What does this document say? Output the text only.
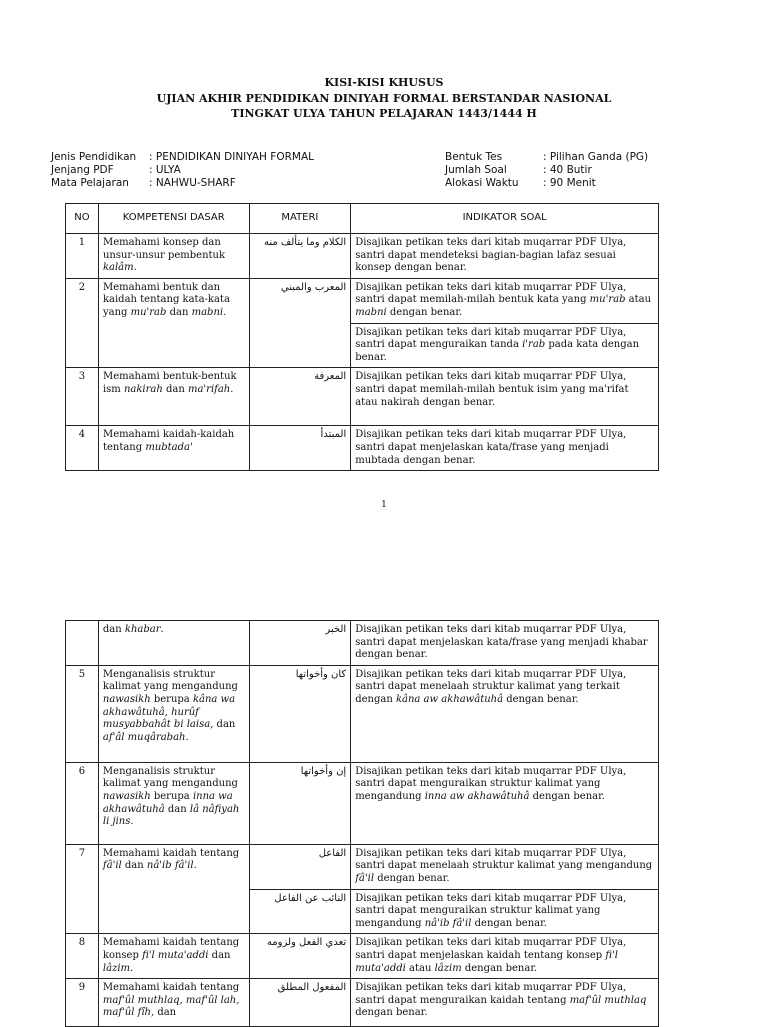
KISI-KISI KHUSUS
UJIAN AKHIR PENDIDIKAN DINIYAH FORMAL BERSTANDAR NASIONAL
TINGKAT ULYA TAHUN PELAJARAN 1443/1444 H
Jenis Pendidikan : PENDIDIKAN DINIYAH FORMAL
Jenjang PDF	: ULYA
Mata Pelajaran : NAHWU-SHARF
Bentuk Tes	: Pilihan Ganda (PG)
Jumlah Soal	: 40 Butir
Alokasi Waktu : 90 Menit
NO	KOMPETENSI DASAR	MATERI	INDIKATOR SOAL
1	Memahami konsep dan unsur-unsur pembentuk kalâm.	الكلام وما يتألف منه	Disajikan petikan teks dari kitab muqarrar PDF Ulya, santri dapat mendeteksi bagian-bagian lafaz sesuai konsep dengan benar.
2	Memahami bentuk dan kaidah tentang kata-kata yang mu'rab dan mabni.	المعرب والمبني	Disajikan petikan teks dari kitab muqarrar PDF Ulya, santri dapat memilah-milah bentuk kata yang mu'rab atau mabni dengan benar.
			Disajikan petikan teks dari kitab muqarrar PDF Ulya, santri dapat menguraikan tanda i'rab pada kata dengan benar.
3	Memahami bentuk-bentuk ism nakirah dan ma'rifah.	المعرفة	Disajikan petikan teks dari kitab muqarrar PDF Ulya, santri dapat memilah-milah bentuk isim yang ma'rifat atau nakirah dengan benar.
4	Memahami kaidah-kaidah tentang mubtada'	المبتدأ	Disajikan petikan teks dari kitab muqarrar PDF Ulya, santri dapat menjelaskan kata/frase yang menjadi mubtada dengan benar.
1
	dan khabar.	الخبر	Disajikan petikan teks dari kitab muqarrar PDF Ulya, santri dapat menjelaskan kata/frase yang menjadi khabar dengan benar.
5	Menganalisis struktur kalimat yang mengandung nawasikh berupa kâna wa akhawâtuhâ, hurûf musyabbahât bi laisa, dan af'âl muqârabah.	كان وأخواتها	Disajikan petikan teks dari kitab muqarrar PDF Ulya, santri dapat menelaah struktur kalimat yang terkait dengan kâna aw akhawâtuhâ dengan benar.
6	Menganalisis struktur kalimat yang mengandung nawasikh berupa inna wa akhawâtuhâ dan lâ nâfiyah li jins.	إن وأخواتها	Disajikan petikan teks dari kitab muqarrar PDF Ulya, santri dapat menguraikan struktur kalimat yang mengandung inna aw akhawâtuhâ dengan benar.
7	Memahami kaidah tentang fâ'il dan nâ'ib fâ'il.	الفاعل	Disajikan petikan teks dari kitab muqarrar PDF Ulya, santri dapat menelaah struktur kalimat yang mengandung fâ'il dengan benar.
		النائب عن الفاعل	Disajikan petikan teks dari kitab muqarrar PDF Ulya, santri dapat menguraikan struktur kalimat yang mengandung nâ'ib fâ'il dengan benar.
8	Memahami kaidah tentang konsep fi'l muta'addi dan lâzim.	تعدي الفعل ولزومه	Disajikan petikan teks dari kitab muqarrar PDF Ulya, santri dapat menjelaskan kaidah tentang konsep fi'l muta'addi atau lâzim dengan benar.
9	Memahami kaidah tentang maf'ûl muthlaq, maf'ûl lah, maf'ûl fîh, dan	المفعول المطلق	Disajikan petikan teks dari kitab muqarrar PDF Ulya, santri dapat menguraikan kaidah tentang maf'ûl muthlaq dengan benar.
